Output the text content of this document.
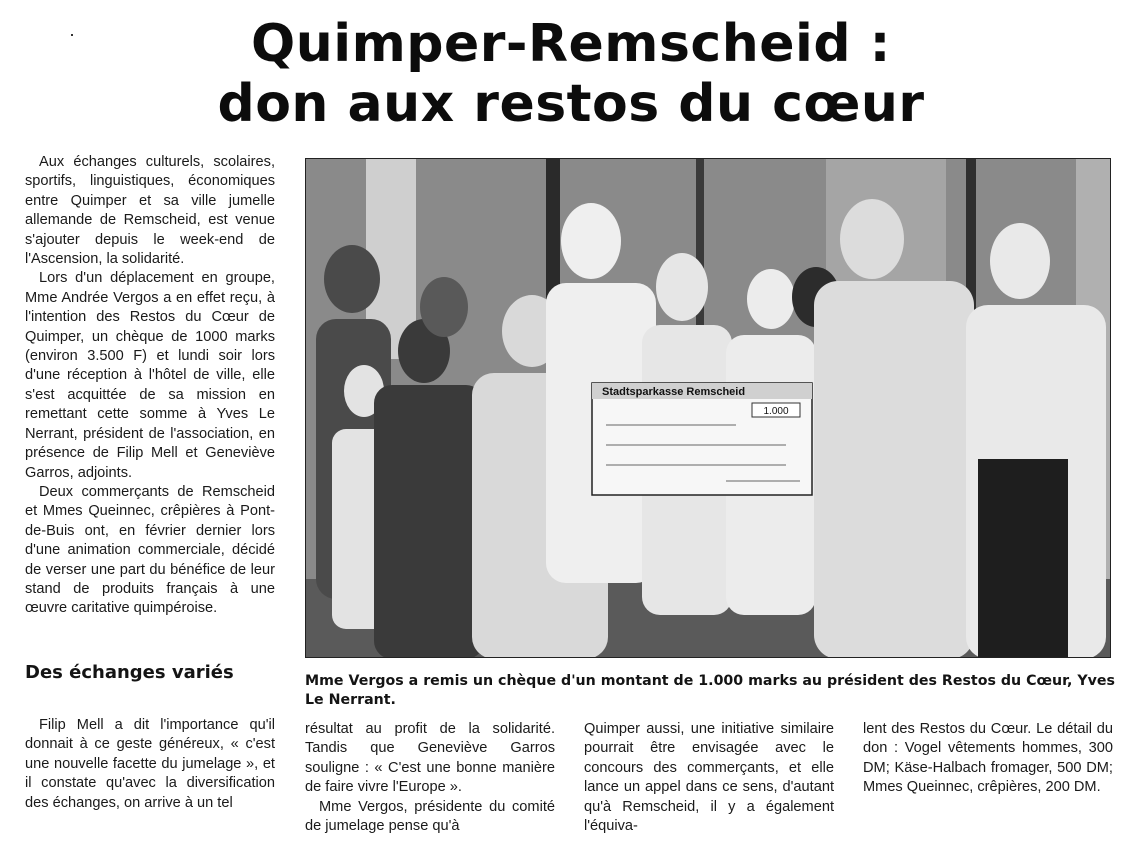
Quimper-Remscheid :
don aux restos du cœur

Aux échanges culturels, scolaires, sportifs, linguistiques, économiques entre Quimper et sa ville jumelle allemande de Remscheid, est venue s'ajouter depuis le week-end de l'Ascension, la solidarité.

Lors d'un déplacement en groupe, Mme Andrée Vergos a en effet reçu, à l'intention des Restos du Cœur de Quimper, un chèque de 1000 marks (environ 3.500 F) et lundi soir lors d'une réception à l'hôtel de ville, elle s'est acquittée de sa mission en remettant cette somme à Yves Le Nerrant, président de l'association, en présence de Filip Mell et Geneviève Garros, adjoints.

Deux commerçants de Remscheid et Mmes Queinnec, crêpières à Pont-de-Buis ont, en février dernier lors d'une animation commerciale, décidé de verser une part du bénéfice de leur stand de produits français à une œuvre caritative quimpéroise.

Des échanges variés

Filip Mell a dit l'importance qu'il donnait à ce geste généreux, « c'est une nouvelle facette du jumelage », et il constate qu'avec la diversification des échanges, on arrive à un tel

Stadtsparkasse Remscheid
1.000

Mme Vergos a remis un chèque d'un montant de 1.000 marks au président des Restos du Cœur, Yves Le Nerrant.

résultat au profit de la solidarité. Tandis que Geneviève Garros souligne : « C'est une bonne manière de faire vivre l'Europe ».

Mme Vergos, présidente du comité de jumelage pense qu'à

Quimper aussi, une initiative similaire pourrait être envisagée avec le concours des commerçants, et elle lance un appel dans ce sens, d'autant qu'à Remscheid, il y a également l'équiva-

lent des Restos du Cœur. Le détail du don : Vogel vêtements hommes, 300 DM; Käse-Halbach fromager, 500 DM; Mmes Queinnec, crêpières, 200 DM.
